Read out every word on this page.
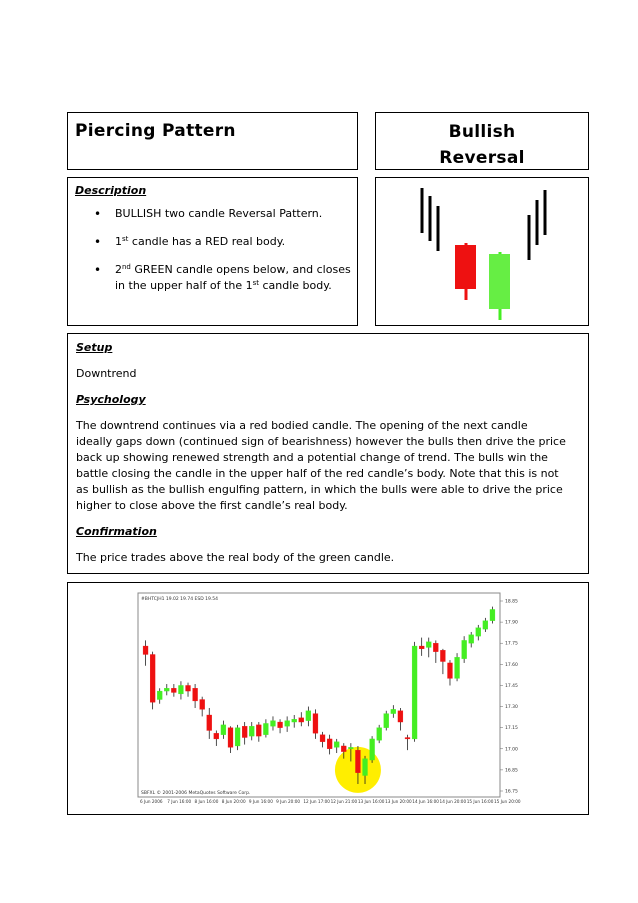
Piercing Pattern	Bullish
Reversal
Description
• BULLISH two candle Reversal Pattern.
• 1st candle has a RED real body.
• 2nd GREEN candle opens below, and closes in the upper half of the 1st candle body.

Setup

Downtrend

Psychology

The downtrend continues via a red bodied candle. The opening of the next candle ideally gaps down (continued sign of bearishness) however the bulls then drive the price back up showing renewed strength and a potential change of trend. The bulls win the battle closing the candle in the upper half of the red candle’s body. Note that this is not as bullish as the bullish engulfing pattern, in which the bulls were able to drive the price higher to close above the first candle’s real body.

Confirmation

The price trades above the real body of the green candle.

#BHTCJH1 19.02 19.74 ESD 19.54
SBFXL © 2001-2006 MetaQuotes Software Corp.
18.85
17.90
17.75
17.60
17.45
17.30
17.15
17.00
16.85
16.75
6 Jun 2006 7 Jun 16:00 8 Jun 16:00 8 Jun 20:00 9 Jun 16:00 9 Jun 20:00 12 Jun 17:00 12 Jun 21:00 13 Jun 16:00 13 Jun 20:00 14 Jun 16:00 14 Jun 20:00 15 Jun 16:00 15 Jun 20:00
